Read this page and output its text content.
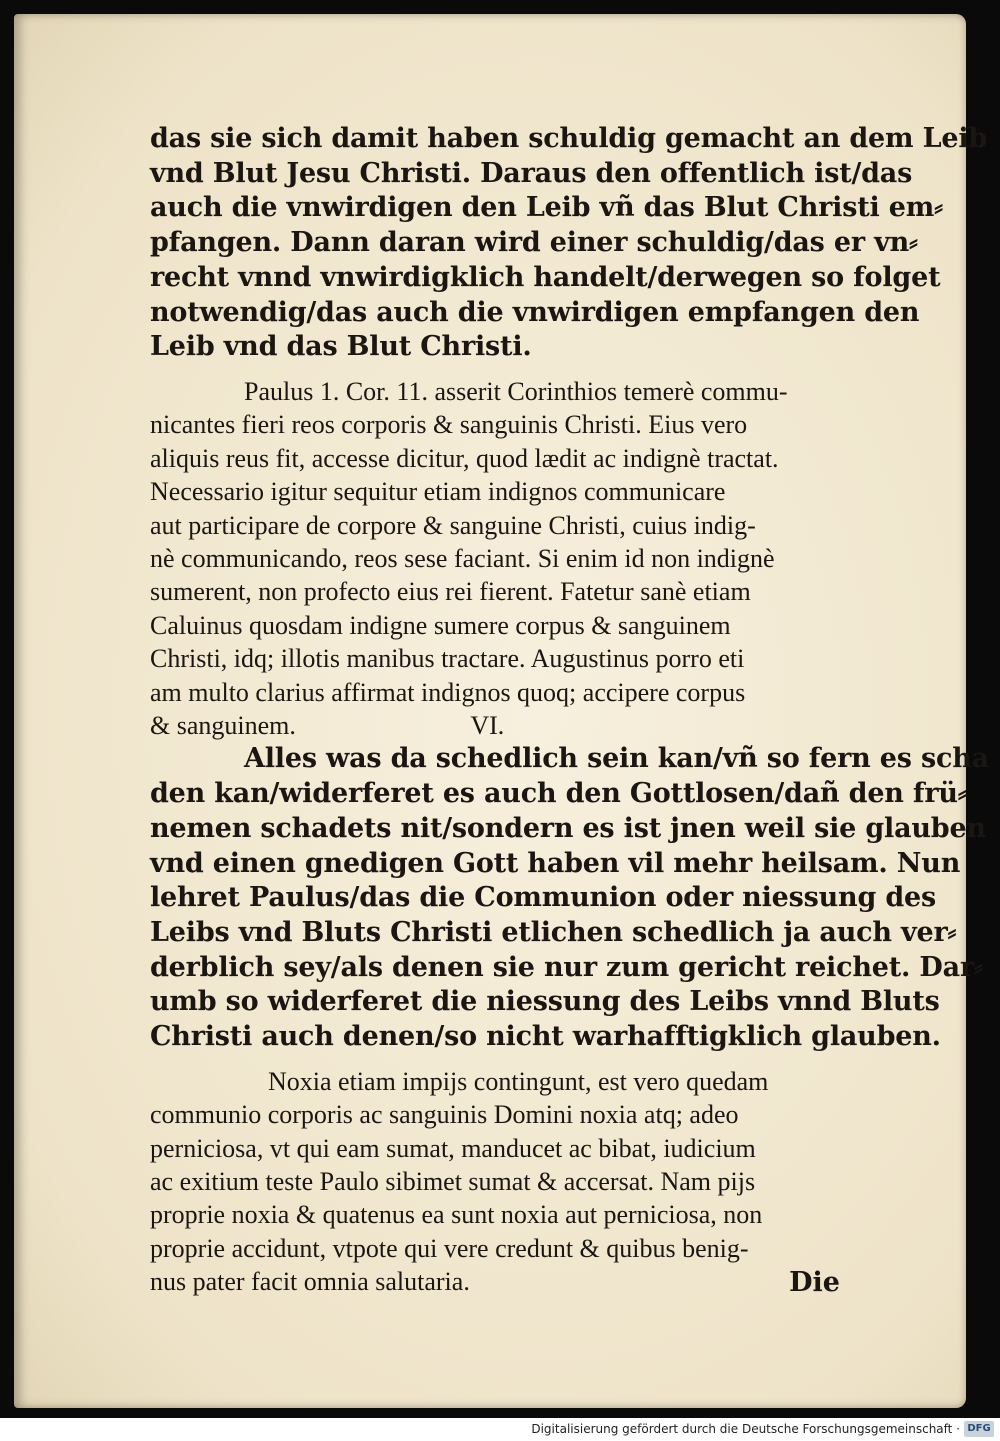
das sie sich damit haben schuldig gemacht an dem Leib
vnd Blut Jesu Christi. Daraus den offentlich ist/das
auch die vnwirdigen den Leib vñ das Blut Christi em⸗
pfangen. Dann daran wird einer schuldig/das er vn⸗
recht vnnd vnwirdigklich handelt/derwegen so folget
notwendig/das auch die vnwirdigen empfangen den
Leib vnd das Blut Christi.
Paulus 1. Cor. 11. asserit Corinthios temerè commu-
nicantes fieri reos corporis & sanguinis Christi. Eius vero
aliquis reus fit, accesse dicitur, quod lædit ac indignè tractat.
Necessario igitur sequitur etiam indignos communicare
aut participare de corpore & sanguine Christi, cuius indig-
nè communicando, reos sese faciant. Si enim id non indignè
sumerent, non profecto eius rei fierent. Fatetur sanè etiam
Caluinus quosdam indigne sumere corpus & sanguinem
Christi, idq; illotis manibus tractare. Augustinus porro eti
am multo clarius affirmat indignos quoq; accipere corpus
& sanguinem.	VI.
Alles was da schedlich sein kan/vñ so fern es scha
den kan/widerferet es auch den Gottlosen/dañ den frü⸗
nemen schadets nit/sondern es ist jnen weil sie glauben
vnd einen gnedigen Gott haben vil mehr heilsam. Nun
lehret Paulus/das die Communion oder niessung des
Leibs vnd Bluts Christi etlichen schedlich ja auch ver⸗
derblich sey/als denen sie nur zum gericht reichet. Dar⸗
umb so widerferet die niessung des Leibs vnnd Bluts
Christi auch denen/so nicht warhafftigklich glauben.
Noxia etiam impijs contingunt, est vero quedam
communio corporis ac sanguinis Domini noxia atq; adeo
perniciosa, vt qui eam sumat, manducet ac bibat, iudicium
ac exitium teste Paulo sibimet sumat & accersat. Nam pijs
proprie noxia & quatenus ea sunt noxia aut perniciosa, non
proprie accidunt, vtpote qui vere credunt & quibus benig-
nus pater facit omnia salutaria.	Die
Digitalisierung gefördert durch die Deutsche Forschungsgemeinschaft · DFG
